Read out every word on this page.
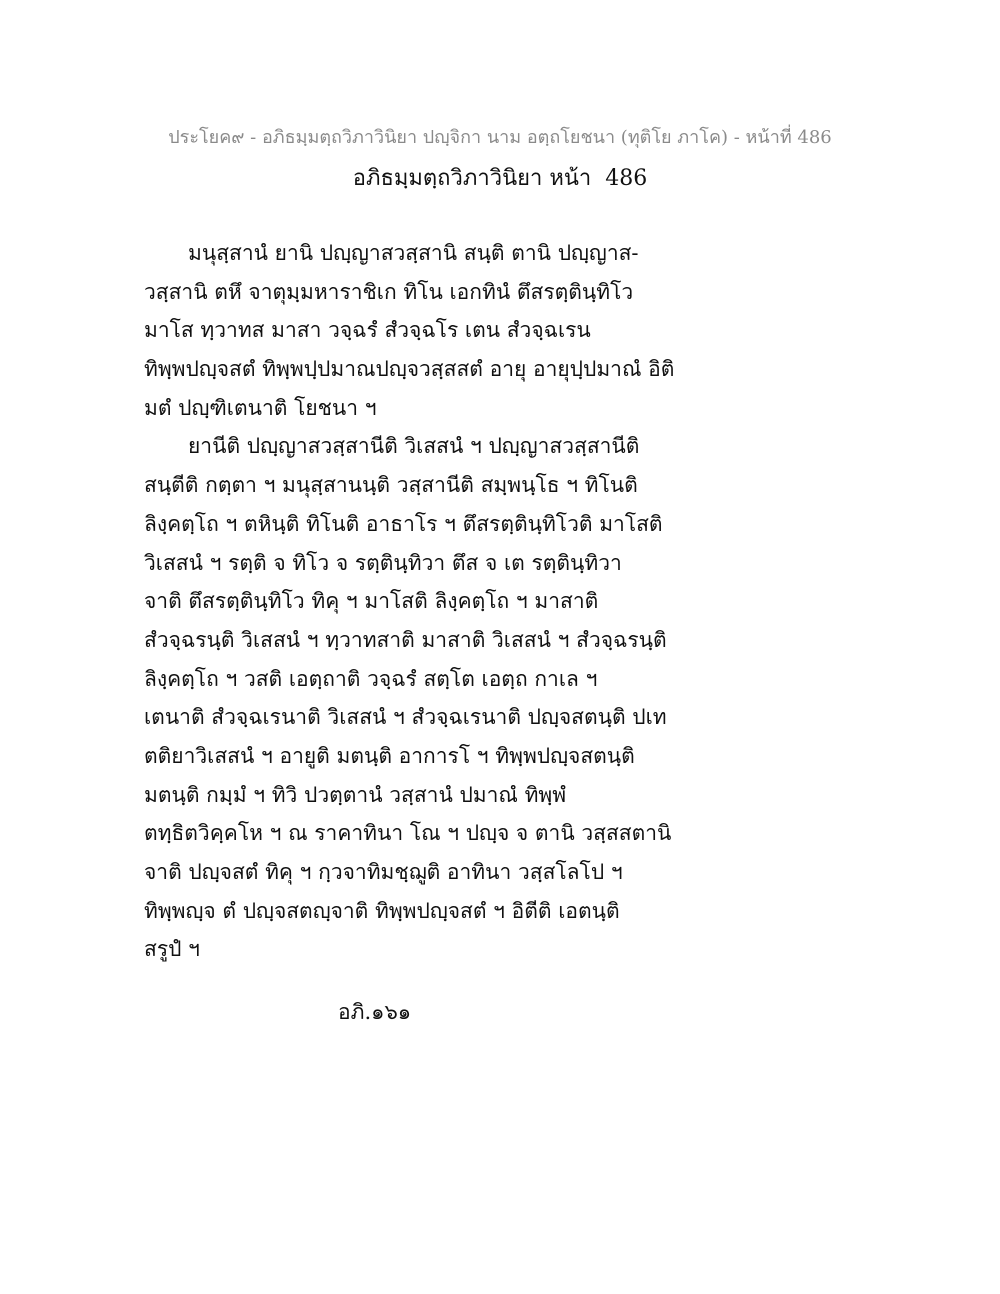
ประโยค๙ - อภิธมฺมตฺถวิภาวินิยา ปญฺจิกา นาม อตฺถโยชนา (ทุติโย ภาโค) - หน้าที่ 486
อภิธมฺมตฺถวิภาวินิยา หน้า 486
มนุสฺสานํ ยานิ ปญฺญาสวสฺสานิ สนฺติ ตานิ ปญฺญาส-
วสฺสานิ ตหึ จาตุมฺมหาราชิเก ทิโน เอกทินํ ตึสรตฺตินฺทิโว
มาโส ทฺวาทส มาสา วจฺฉรํ สํวจฺฉโร เตน สํวจฺฉเรน
ทิพฺพปญฺจสตํ ทิพฺพปฺปมาณปญฺจวสฺสสตํ อายุ อายุปฺปมาณํ อิติ
มตํ ปญฺฑิเตนาติ โยชนา ฯ
ยานีติ ปญฺญาสวสฺสานีติ วิเสสนํ ฯ ปญฺญาสวสฺสานีติ
สนฺตีติ กตฺตา ฯ มนุสฺสานนฺติ วสฺสานีติ สมฺพนฺโธ ฯ ทิโนติ
ลิงฺคตฺโถ ฯ ตหินฺติ ทิโนติ อาธาโร ฯ ตึสรตฺตินฺทิโวติ มาโสติ
วิเสสนํ ฯ รตฺติ จ ทิโว จ รตฺตินฺทิวา ตึส จ เต รตฺตินฺทิวา
จาติ ตึสรตฺตินฺทิโว ทิคุ ฯ มาโสติ ลิงฺคตฺโถ ฯ มาสาติ
สํวจฺฉรนฺติ วิเสสนํ ฯ ทฺวาทสาติ มาสาติ วิเสสนํ ฯ สํวจฺฉรนฺติ
ลิงฺคตฺโถ ฯ วสติ เอตฺถาติ วจฺฉรํ สตฺโต เอตฺถ กาเล ฯ
เตนาติ สํวจฺฉเรนาติ วิเสสนํ ฯ สํวจฺฉเรนาติ ปญฺจสตนฺติ ปเท
ตติยาวิเสสนํ ฯ อายูติ มตนฺติ อาการโ ฯ ทิพฺพปญฺจสตนฺติ
มตนฺติ กมฺมํ ฯ ทิวิ ปวตฺตานํ วสฺสานํ ปมาณํ ทิพฺพํ
ตทฺธิตวิคฺคโห ฯ ณ ราคาทินา โณ ฯ ปญฺจ จ ตานิ วสฺสสตานิ
จาติ ปญฺจสตํ ทิคุ ฯ กฺวจาทิมชฺฌูติ อาทินา วสฺสโลโป ฯ
ทิพฺพญฺจ ตํ ปญฺจสตญฺจาติ ทิพฺพปญฺจสตํ ฯ อิตีติ เอตนฺติ
สรูปํ ฯ
อภิ.๑๖๑
